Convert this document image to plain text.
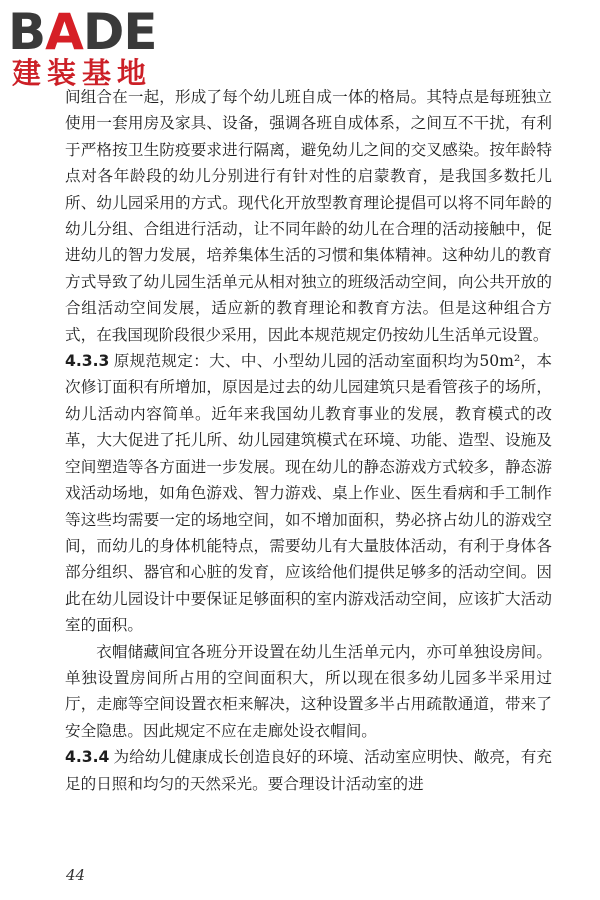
BADE
建装基地

间组合在一起，形成了每个幼儿班自成一体的格局。其特点是每班独立使用一套用房及家具、设备，强调各班自成体系，之间互不干扰，有利于严格按卫生防疫要求进行隔离，避免幼儿之间的交叉感染。按年龄特点对各年龄段的幼儿分别进行有针对性的启蒙教育，是我国多数托儿所、幼儿园采用的方式。现代化开放型教育理论提倡可以将不同年龄的幼儿分组、合组进行活动，让不同年龄的幼儿在合理的活动接触中，促进幼儿的智力发展，培养集体生活的习惯和集体精神。这种幼儿的教育方式导致了幼儿园生活单元从相对独立的班级活动空间，向公共开放的合组活动空间发展，适应新的教育理论和教育方法。但是这种组合方式，在我国现阶段很少采用，因此本规范规定仍按幼儿生活单元设置。

4.3.3 原规范规定：大、中、小型幼儿园的活动室面积均为50m²，本次修订面积有所增加，原因是过去的幼儿园建筑只是看管孩子的场所，幼儿活动内容简单。近年来我国幼儿教育事业的发展，教育模式的改革，大大促进了托儿所、幼儿园建筑模式在环境、功能、造型、设施及空间塑造等各方面进一步发展。现在幼儿的静态游戏方式较多，静态游戏活动场地，如角色游戏、智力游戏、桌上作业、医生看病和手工制作等这些均需要一定的场地空间，如不增加面积，势必挤占幼儿的游戏空间，而幼儿的身体机能特点，需要幼儿有大量肢体活动，有利于身体各部分组织、器官和心脏的发育，应该给他们提供足够多的活动空间。因此在幼儿园设计中要保证足够面积的室内游戏活动空间，应该扩大活动室的面积。

衣帽储藏间宜各班分开设置在幼儿生活单元内，亦可单独设房间。单独设置房间所占用的空间面积大，所以现在很多幼儿园多半采用过厅，走廊等空间设置衣柜来解决，这种设置多半占用疏散通道，带来了安全隐患。因此规定不应在走廊处设衣帽间。

4.3.4 为给幼儿健康成长创造良好的环境、活动室应明快、敞亮，有充足的日照和均匀的天然采光。要合理设计活动室的进

44
